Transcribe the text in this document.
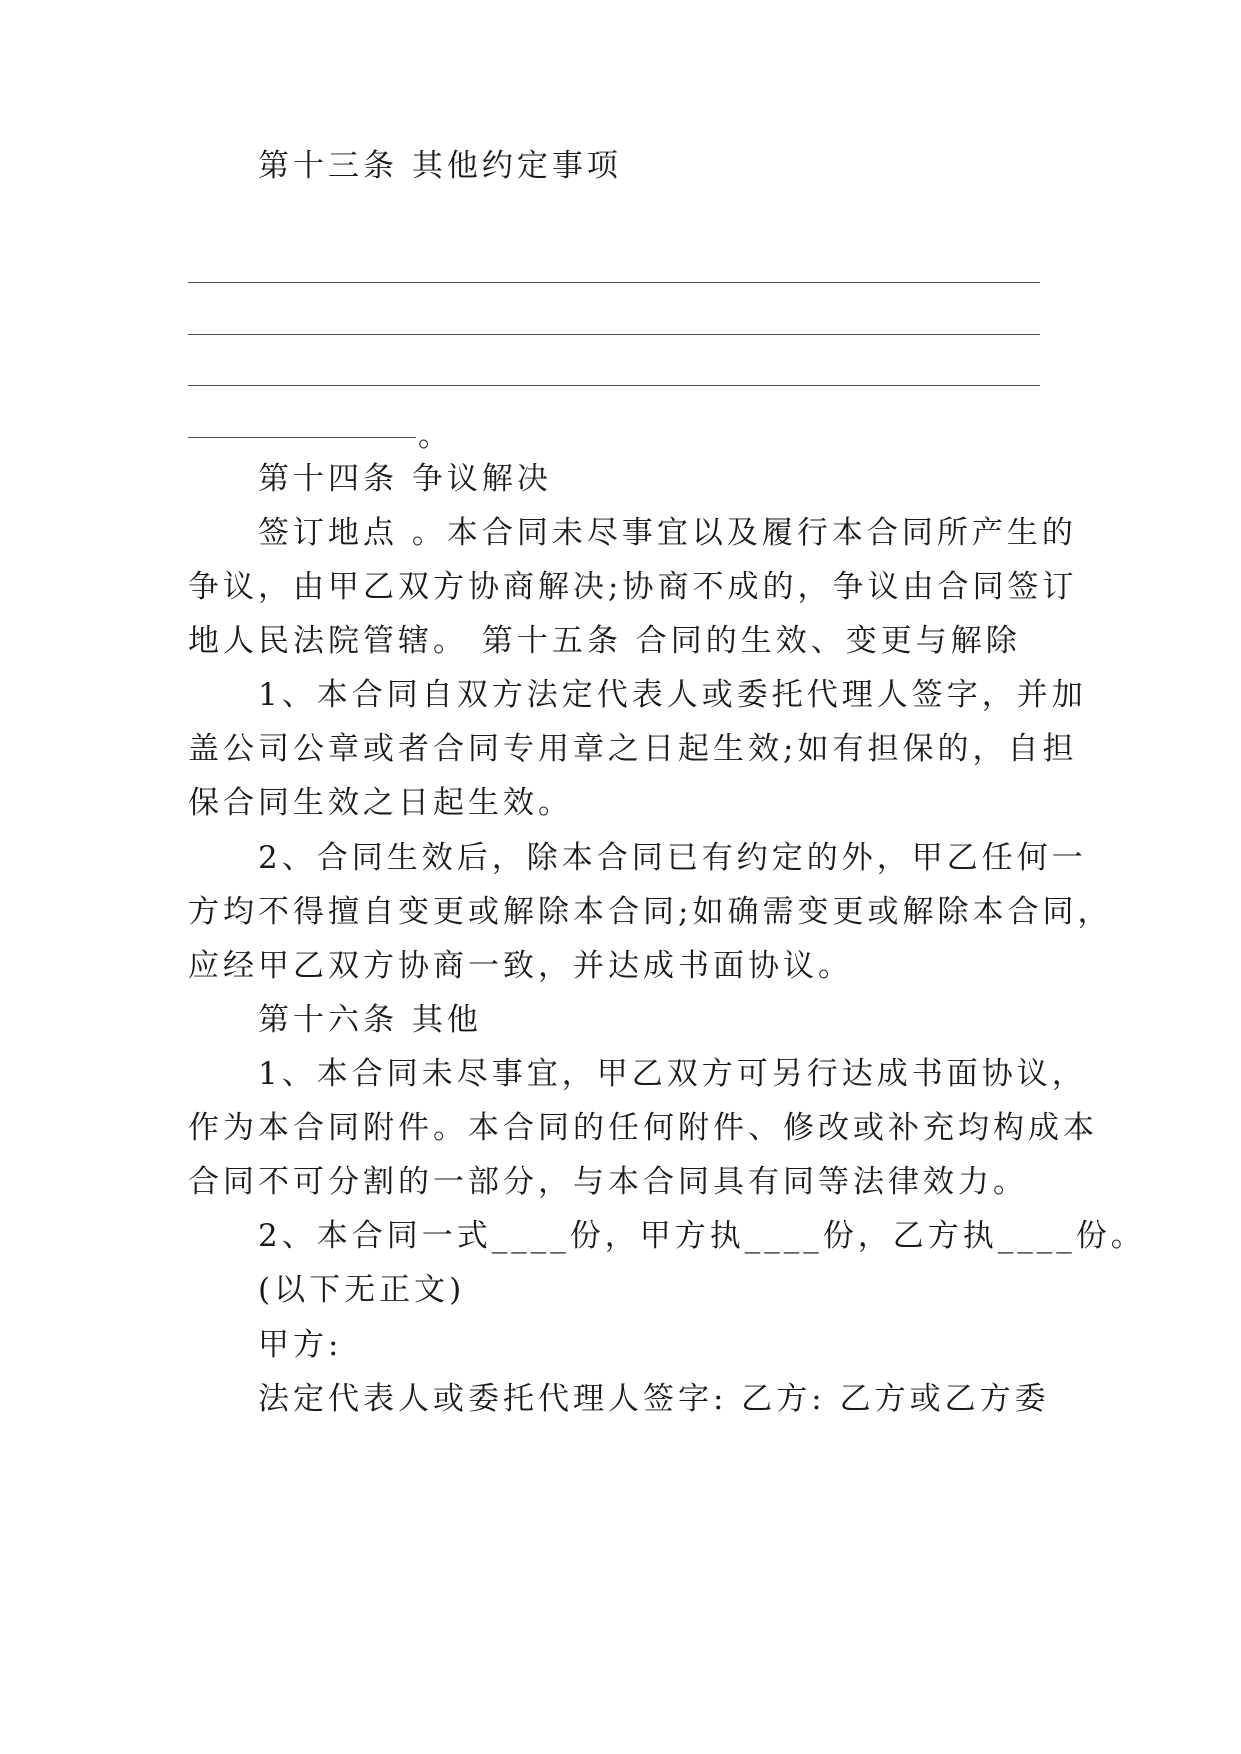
第十三条 其他约定事项
。
第十四条 争议解决
签订地点 。本合同未尽事宜以及履行本合同所产生的
争议，由甲乙双方协商解决;协商不成的，争议由合同签订
地人民法院管辖。 第十五条 合同的生效、变更与解除
1、本合同自双方法定代表人或委托代理人签字，并加
盖公司公章或者合同专用章之日起生效;如有担保的，自担
保合同生效之日起生效。
2、合同生效后，除本合同已有约定的外，甲乙任何一
方均不得擅自变更或解除本合同;如确需变更或解除本合同，
应经甲乙双方协商一致，并达成书面协议。
第十六条 其他
1、本合同未尽事宜，甲乙双方可另行达成书面协议，
作为本合同附件。本合同的任何附件、修改或补充均构成本
合同不可分割的一部分，与本合同具有同等法律效力。
2、本合同一式____份，甲方执____份，乙方执____份。
(以下无正文)
甲方:
法定代表人或委托代理人签字: 乙方: 乙方或乙方委
